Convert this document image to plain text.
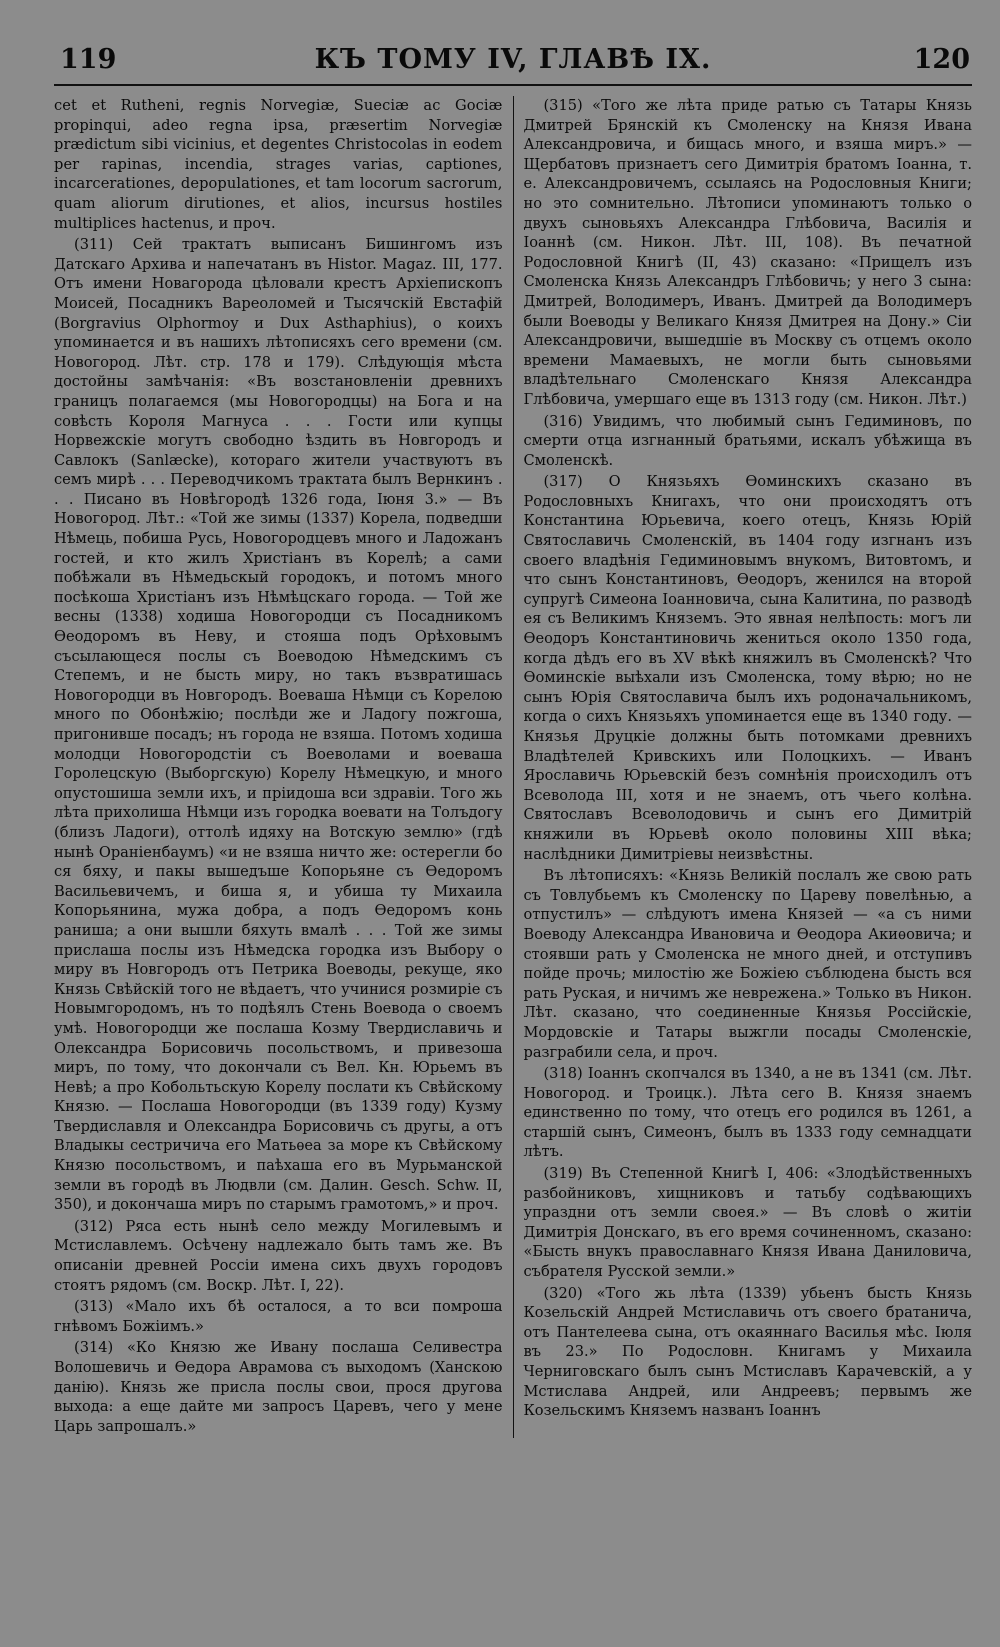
119	КЪ ТОМУ IV, ГЛАВѢ IX.	120

cet et Rutheni, regnis Norvegiæ, Sueciæ ac Gociæ propinqui, adeo regna ipsa, præsertim Norvegiæ prædictum sibi vicinius, et degentes Christocolas in eodem per rapinas, incendia, strages varias, captiones, incarcerationes, depopulationes, et tam locorum sacrorum, quam aliorum dirutiones, et alios, incursus hostiles multiplices hactenus, и проч.

(311) Сей трактатъ выписанъ Бишингомъ изъ Датскаго Архива и напечатанъ въ Histor. Magaz. III, 177. Отъ имени Новагорода цѣловали крестъ Архіепископъ Моисей, Посадникъ Вареоломей и Тысячскій Евстафій (Borgravius Olphormoy и Dux Asthaphius), о коихъ упоминается и въ нашихъ лѣтописяхъ сего времени (см. Новогород. Лѣт. стр. 178 и 179). Слѣдующія мѣста достойны замѣчанія: «Въ возстановленіи древнихъ границъ полагаемся (мы Новогородцы) на Бога и на совѣсть Короля Магнуса . . . Гости или купцы Норвежскіе могутъ свободно ѣздить въ Новгородъ и Савлокъ (Sanlæcke), котораго жители участвуютъ въ семъ мирѣ . . . Переводчикомъ трактата былъ Вернкинъ . . . Писано въ Новѣгородѣ 1326 года, Іюня 3.» — Въ Новогород. Лѣт.: «Той же зимы (1337) Корела, подведши Нѣмець, побиша Русь, Новогородцевъ много и Ладожанъ гостей, и кто жилъ Христіанъ въ Корелѣ; а сами побѣжали въ Нѣмедьскый городокъ, и потомъ много посѣкоша Христіанъ изъ Нѣмѣцскаго города. — Той же весны (1338) ходиша Новогородци съ Посадникомъ Ѳеодоромъ въ Неву, и стояша подъ Орѣховымъ съсылающеся послы съ Воеводою Нѣмедскимъ съ Степемъ, и не бысть миру, но такъ възвратишась Новогородци въ Новгородъ. Воеваша Нѣмци съ Корелою много по Обонѣжію; послѣди же и Ладогу пожгоша, пригонивше посадъ; нъ города не взяша. Потомъ ходиша молодци Новогородстіи съ Воеволами и воеваша Горолецскую (Выборгскую) Корелу Нѣмецкую, и много опустошиша земли ихъ, и пріидоша вси здравіи. Того жь лѣта прихолиша Нѣмци изъ городка воевати на Толъдогу (близъ Ладоги), оттолѣ идяху на Вотскую землю» (гдѣ нынѣ Ораніенбаумъ) «и не взяша ничто же: остерегли бо ся бяху, и пакы вышедъше Копорьяне съ Ѳедоромъ Васильевичемъ, и биша я, и убиша ту Михаила Копорьянина, мужа добра, а подъ Ѳедоромъ конь раниша; а они вышли бяхуть вмалѣ . . . Той же зимы прислаша послы изъ Нѣмедска городка изъ Выбору о миру въ Новгородъ отъ Петрика Воеводы, рекуще, яко Князь Свѣйскій того не вѣдаетъ, что учинися розмирiе съ Новымгородомъ, нъ то подѣялъ Стень Воевода о своемъ умѣ. Новогородци же послаша Козму Твердиславичь и Олександра Борисовичь посольствомъ, и привезоша миръ, по тому, что докончали съ Вел. Кн. Юрьемъ въ Невѣ; а про Кобольтьскую Корелу послати къ Свѣйскому Князю. — Послаша Новогородци (въ 1339 году) Кузму Твердиславля и Олександра Борисовичь съ другы, а отъ Владыкы сестричича его Матьѳеа за море къ Свѣйскому Князю посольствомъ, и паѣхаша его въ Мурьманской земли въ городѣ въ Людвли (см. Далин. Gesch. Schw. II, 350), и докончаша миръ по старымъ грамотомъ,» и проч.

(312) Ряса есть нынѣ село между Могилевымъ и Мстиславлемъ. Осѣчену надлежало быть тамъ же. Въ описаніи древней Россіи имена сихъ двухъ городовъ стоятъ рядомъ (см. Воскр. Лѣт. I, 22).

(313) «Мало ихъ бѣ осталося, а то вси помроша гнѣвомъ Божіимъ.»

(314) «Ко Князю же Ивану послаша Селивестра Волошевичь и Ѳедора Аврамова съ выходомъ (Ханскою данію). Князь же прислa послы свои, прося другова выхода: а еще дайте ми запросъ Царевъ, чего у мене Царь запрошалъ.»

(315) «Того же лѣта приде ратью съ Татары Князь Дмитрей Брянскій къ Смоленску на Князя Ивана Александровича, и бищась много, и взяша миръ.» — Щербатовъ признаетъ сего Димитрія братомъ Іоанна, т. е. Александровичемъ, ссылаясь на Родословныя Книги; но это сомнительно. Лѣтописи упоминаютъ только о двухъ сыновьяхъ Александра Глѣбовича, Василія и Іоаннѣ (см. Никон. Лѣт. III, 108). Въ печатной Родословной Книгѣ (II, 43) сказано: «Прищелъ изъ Смоленска Князь Александръ Глѣбовичь; у него 3 сына: Дмитрей, Володимеръ, Иванъ. Дмитрей да Володимеръ были Воеводы у Великаго Князя Дмитрея на Дону.» Сіи Александровичи, вышедшіе въ Москву съ отцемъ около времени Мамаевыхъ, не могли быть сыновьями владѣтельнаго Смоленскаго Князя Александра Глѣбовича, умершаго еще въ 1313 году (см. Никон. Лѣт.)

(316) Увидимъ, что любимый сынъ Гедиминовъ, по смерти отца изгнанный братьями, искалъ убѣжища въ Смоленскѣ.

(317) О Князьяхъ Ѳоминскихъ сказано въ Родословныхъ Книгахъ, что они происходятъ отъ Константина Юрьевича, коего отецъ, Князь Юрій Святославичь Смоленскій, въ 1404 году изгнанъ изъ своего владѣнія Гедиминовымъ внукомъ, Витовтомъ, и что сынъ Константиновъ, Ѳеодоръ, женился на второй супругѣ Симеона Іоанновича, сына Калитина, по разводѣ ея съ Великимъ Княземъ. Это явная нелѣпость: могъ ли Ѳеодоръ Константиновичь жениться около 1350 года, когда дѣдъ его въ XV вѣкѣ княжилъ въ Смоленскѣ? Что Ѳоминскіе выѣхали изъ Смоленска, тому вѣрю; но не сынъ Юрія Святославича былъ ихъ родоначальникомъ, когда о сихъ Князьяхъ упоминается еще въ 1340 году. — Князья Друцкіе должны быть потомками древнихъ Владѣтелей Кривскихъ или Полоцкихъ. — Иванъ Ярославичь Юрьевскій безъ сомнѣнія происходилъ отъ Всеволода III, хотя и не знаемъ, отъ чьего колѣна. Святославъ Всеволодовичь и сынъ его Димитрій княжили въ Юрьевѣ около половины XIII вѣка; наслѣдники Димитріевы неизвѣстны.

Въ лѣтописяхъ: «Князь Великій послалъ же свою рать съ Товлубьемъ къ Смоленску по Цареву повелѣнью, а отпустилъ» — слѣдуютъ имена Князей — «а съ ними Воеводу Александра Ивановича и Ѳеодора Акиѳовича; и стоявши рать у Смоленска не много дней, и отступивъ пойде прочь; милостію же Божіею съблюдена бысть вся рать Руская, и ничимъ же невреженa.» Только въ Никон. Лѣт. сказано, что соединенные Князья Россійскіе, Мордовскіе и Татары выжгли посады Смоленскіе, разграбили села, и проч.

(318) Іоаннъ скопчался въ 1340, а не въ 1341 (см. Лѣт. Новогород. и Троицк.). Лѣта сего В. Князя знаемъ единственно по тому, что отецъ его родился въ 1261, а старшій сынъ, Симеонъ, былъ въ 1333 году семнадцати лѣтъ.

(319) Въ Степенной Книгѣ I, 406: «Злодѣйственныхъ разбойниковъ, хищниковъ и татьбу содѣвающихъ упраздни отъ земли своея.» — Въ словѣ о житіи Димитрія Донскаго, въ его время сочиненномъ, сказано: «Бысть внукъ православнаго Князя Ивана Даниловича, събрателя Русской земли.»

(320) «Того жь лѣта (1339) убьенъ бысть Князь Козельскій Андрей Мстиславичь отъ своего братанича, отъ Пантелеева сына, отъ окаяннаго Василья мѣс. Іюля въ 23.» По Родословн. Книгамъ у Михаила Черниговскаго былъ сынъ Мстиславъ Карачевскій, а у Мстислава Андрей, или Андреевъ; первымъ же Козельскимъ Княземъ названъ Іоаннъ
